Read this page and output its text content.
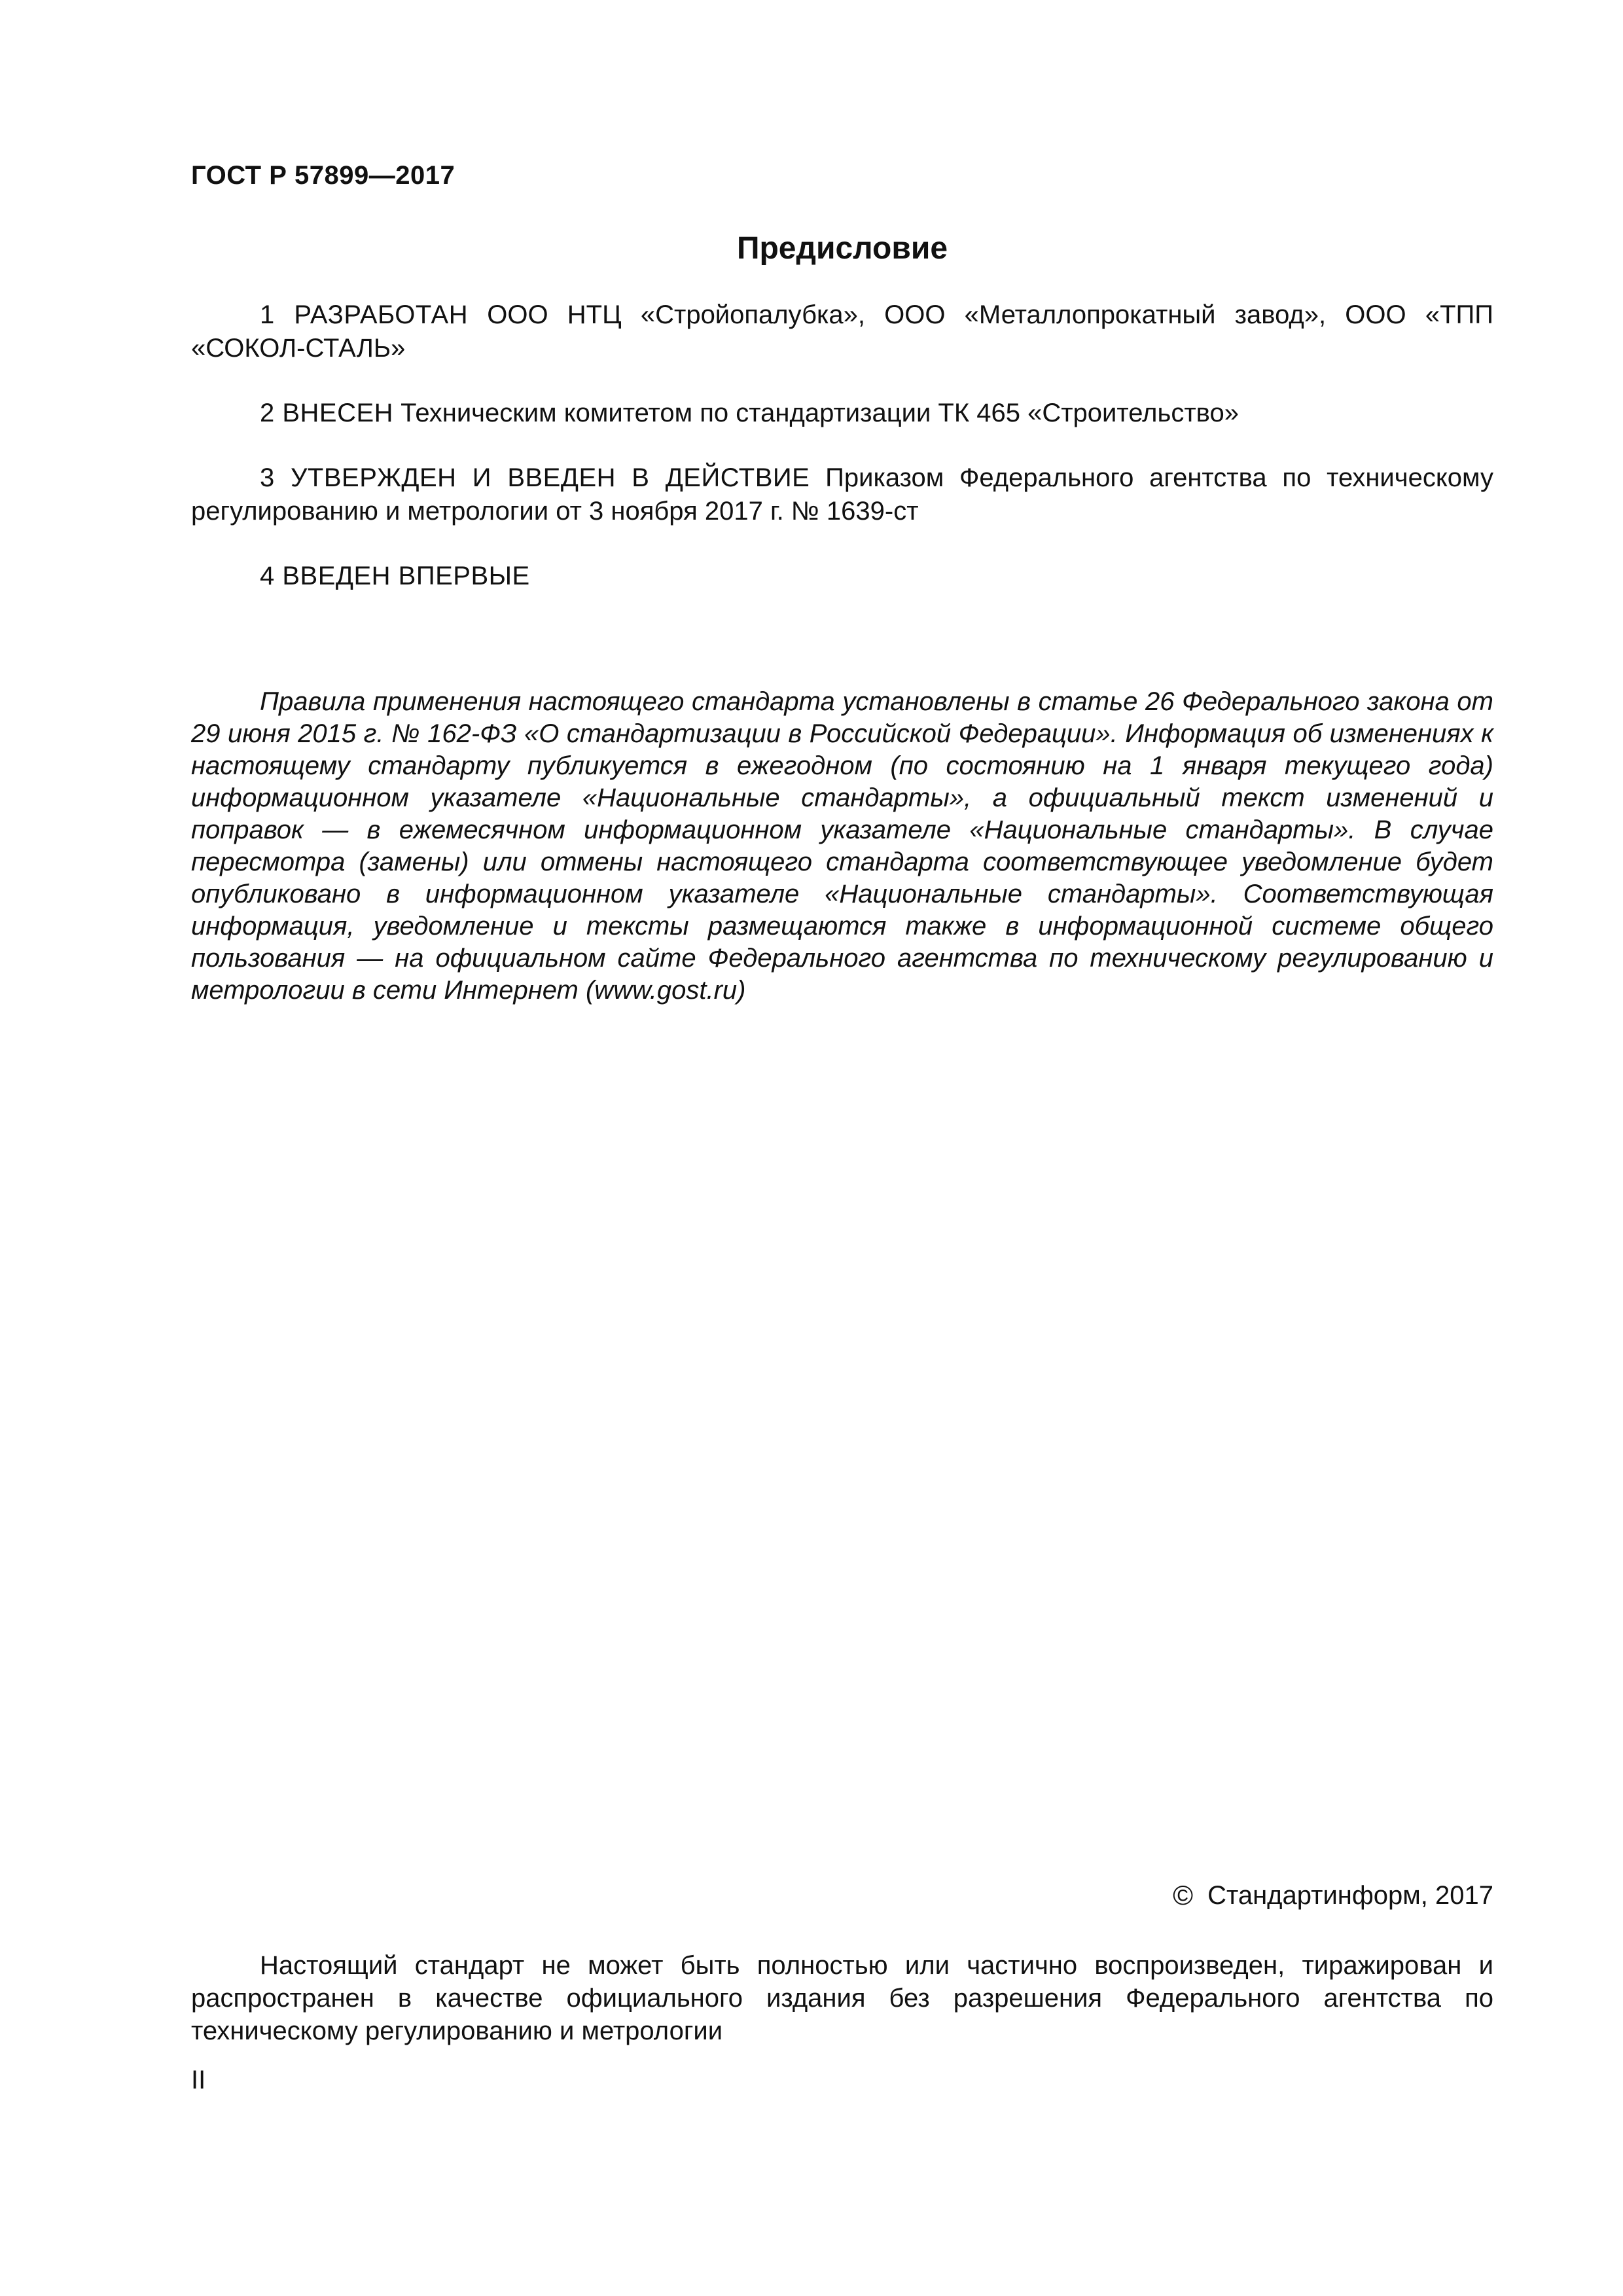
ГОСТ Р 57899—2017
Предисловие

1 РАЗРАБОТАН ООО НТЦ «Стройопалубка», ООО «Металлопрокатный завод», ООО «ТПП «СОКОЛ-СТАЛЬ»

2 ВНЕСЕН Техническим комитетом по стандартизации ТК 465 «Строительство»

3 УТВЕРЖДЕН И ВВЕДЕН В ДЕЙСТВИЕ Приказом Федерального агентства по техническому регулированию и метрологии от 3 ноября 2017 г. № 1639-ст

4 ВВЕДЕН ВПЕРВЫЕ

Правила применения настоящего стандарта установлены в статье 26 Федерального закона от 29 июня 2015 г. № 162-ФЗ «О стандартизации в Российской Федерации». Информация об изменениях к настоящему стандарту публикуется в ежегодном (по состоянию на 1 января текущего года) информационном указателе «Национальные стандарты», а официальный текст изменений и поправок — в ежемесячном информационном указателе «Национальные стандарты». В случае пересмотра (замены) или отмены настоящего стандарта соответствующее уведомление будет опубликовано в информационном указателе «Национальные стандарты». Соответствующая информация, уведомление и тексты размещаются также в информационной системе общего пользования — на официальном сайте Федерального агентства по техническому регулированию и метрологии в сети Интернет (www.gost.ru)
© Стандартинформ, 2017
Настоящий стандарт не может быть полностью или частично воспроизведен, тиражирован и распространен в качестве официального издания без разрешения Федерального агентства по техническому регулированию и метрологии
II
